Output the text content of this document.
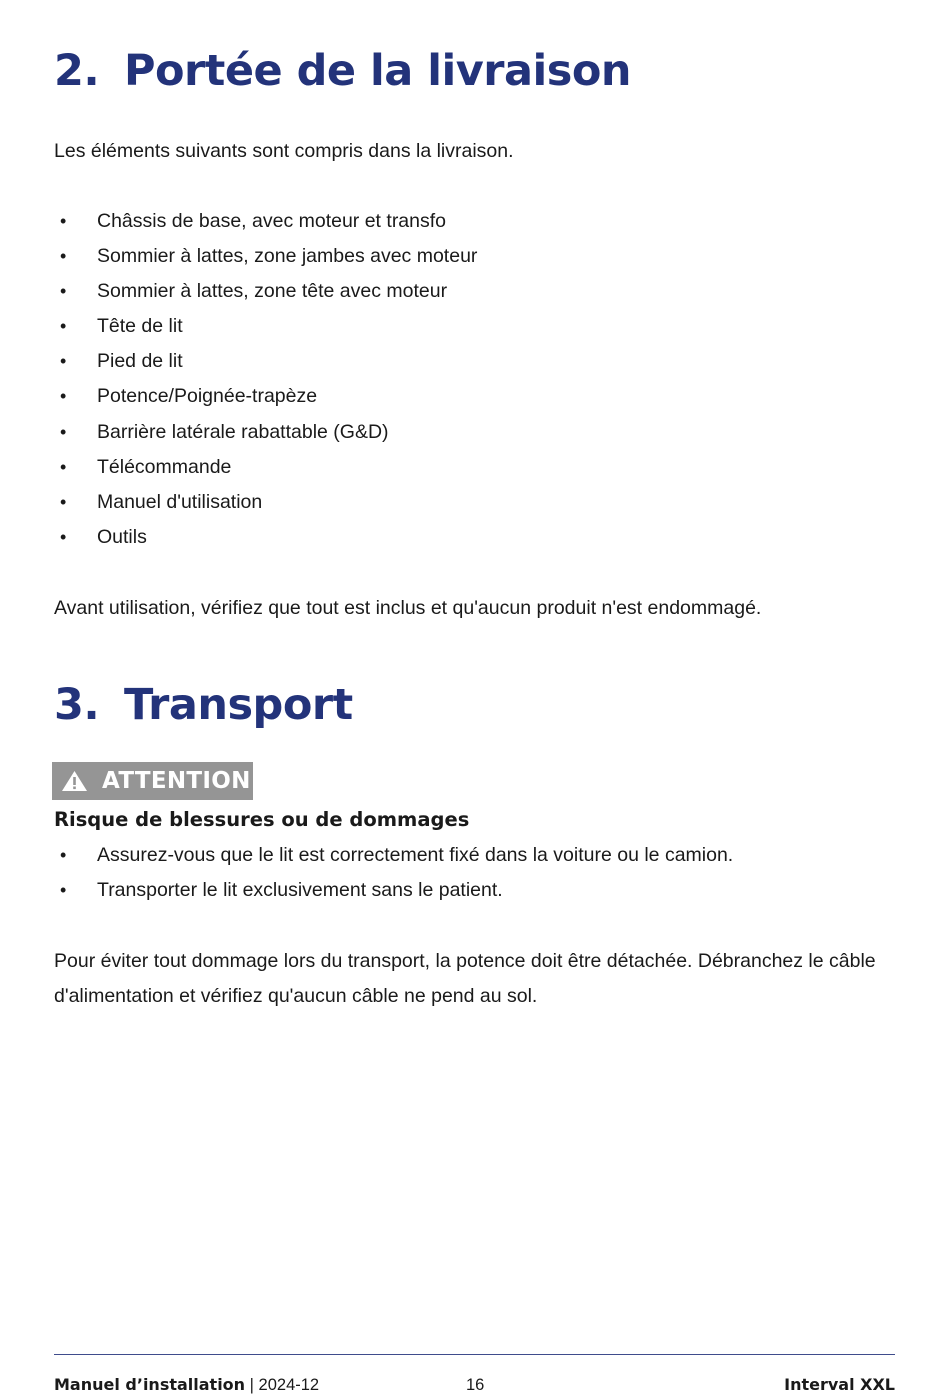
2. Portée de la livraison

Les éléments suivants sont compris dans la livraison.

• Châssis de base, avec moteur et transfo
• Sommier à lattes, zone jambes avec moteur
• Sommier à lattes, zone tête avec moteur
• Tête de lit
• Pied de lit
• Potence/Poignée-trapèze
• Barrière latérale rabattable (G&D)
• Télécommande
• Manuel d'utilisation
• Outils

Avant utilisation, vérifiez que tout est inclus et qu'aucun produit n'est endommagé.

3. Transport
ATTENTION

Risque de blessures ou de dommages

• Assurez-vous que le lit est correctement fixé dans la voiture ou le camion.
• Transporter le lit exclusivement sans le patient.

Pour éviter tout dommage lors du transport, la potence doit être détachée. Débranchez le câble
d'alimentation et vérifiez qu'aucun câble ne pend au sol.

Manuel d’installation | 2024-12	16	Interval XXL
